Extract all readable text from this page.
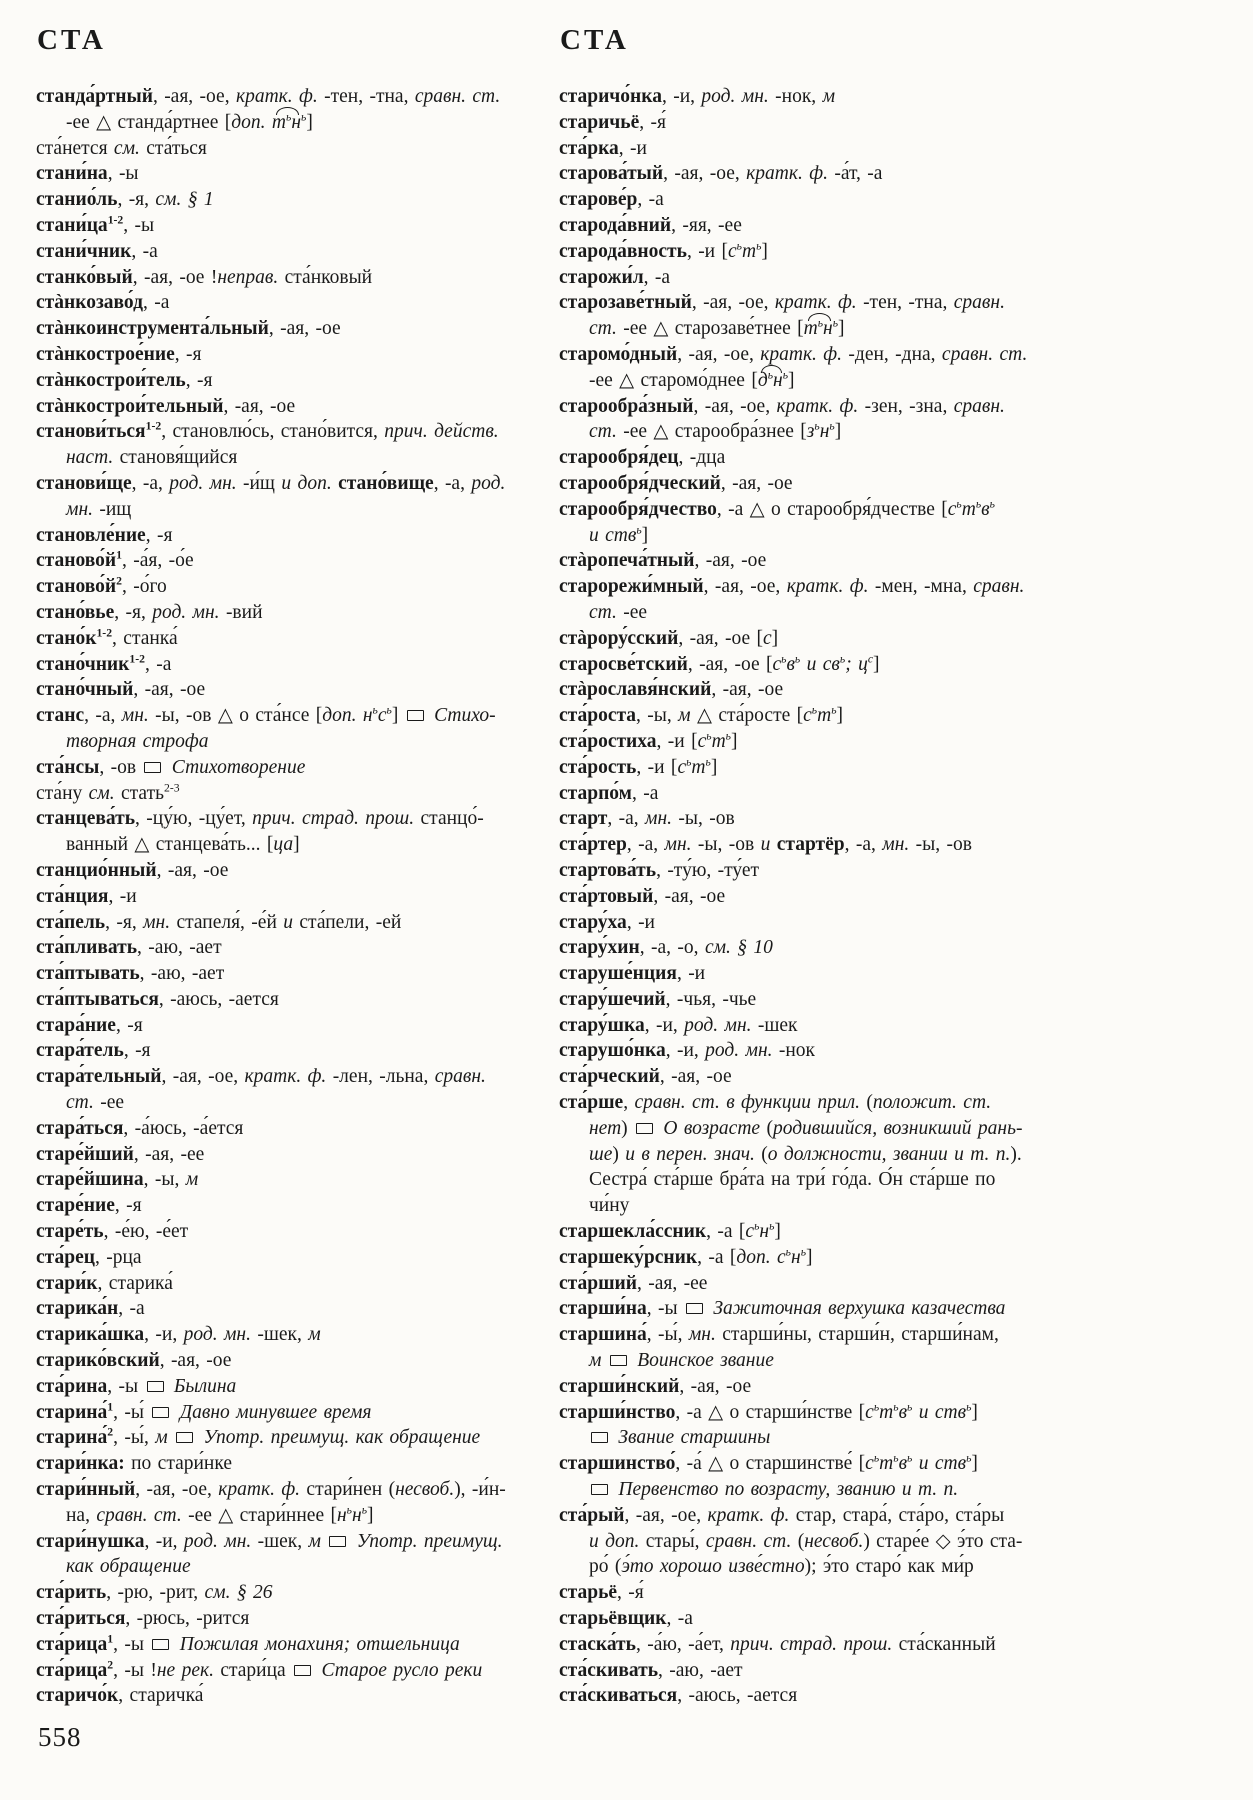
СТА	СТА
станда́ртный, -ая, -ое, кратк. ф. -тен, -тна, сравн. ст.
-ее △ станда́ртнее [доп. $т^ьн^ь$]
ста́нется см. ста́ться
стани́на, -ы
станио́ль, -я, см. § 1
$стани́ца^{1-2}$, -ы
стани́чник, -а
станко́вый, -ая, -ое !неправ. ста́нковый
стàнкозаво́д, -а
стàнкоинструмента́льный, -ая, -ое
стàнкострое́ние, -я
стàнкострои́тель, -я
стàнкострои́тельный, -ая, -ое
станови́ться$^{1-2}$, становлю́сь, стано́вится, прич. действ.
наст. становя́щийся
станови́ще, -а, род. мн. -и́щ и доп. стано́вище, -а, род.
мн. -ищ
становле́ние, -я
$станово́й^1$, -а́я, -о́е
$станово́й^2$, -о́го
стано́вье, -я, род. мн. -вий
$стано́к^{1-2}$, станка́
стано́чник$^{1-2}$, -а
стано́чный, -ая, -ое
станс, -а, мн. -ы, -ов △ о ста́нсе [доп. $н^ьс^ь$]  Стихо-
творная строфа
ста́нсы, -ов  Стихотворение
ста́ну см. стать$^{2-3}$
станцева́ть, -цу́ю, -цу́ет, прич. страд. прош. станцо́-
ванный △ станцева́ть... [ца]
станцио́нный, -ая, -ое
ста́нция, -и
ста́пель, -я, мн. стапеля́, -е́й и ста́пели, -ей
ста́пливать, -аю, -ает
ста́птывать, -аю, -ает
ста́птываться, -аюсь, -ается
стара́ние, -я
стара́тель, -я
стара́тельный, -ая, -ое, кратк. ф. -лен, -льна, сравн.
ст. -ее
стара́ться, -а́юсь, -а́ется
старе́йший, -ая, -ее
старе́йшина, -ы, м
старе́ние, -я
старе́ть, -е́ю, -е́ет
ста́рец, -рца
стари́к, старика́
старика́н, -а
старика́шка, -и, род. мн. -шек, м
старико́вский, -ая, -ое
ста́рина, -ы  Былина
старина́$^1$, -ы́  Давно минувшее время
старина́$^2$, -ы́, м Употр. преимущ. как обращение
стари́нка: по стари́нке
стари́нный, -ая, -ое, кратк. ф. стари́нен (несвоб.), -и́н-
на, сравн. ст. -ее △ стари́ннее $[н^ьн^ь]$
стари́нушка, -и, род. мн. -шек, м Употр. преимущ.
как обращение
ста́рить, -рю, -рит, см. § 26
ста́риться, -рюсь, -рится
ста́рица$^1$, -ы  Пожилая монахиня; отшельница
ста́рица$^2$, -ы !не рек. стари́ца  Старое русло реки
старичо́к, старичка́
старичо́нка, -и, род. мн. -нок, м
старичьё, -я́
ста́рка, -и
старова́тый, -ая, -ое, кратк. ф. -а́т, -а
старове́р, -а
старода́вний, -яя, -ее
старода́вность, -и $[с^ьт^ь]$
старожи́л, -а
старозаве́тный, -ая, -ое, кратк. ф. -тен, -тна, сравн.
ст. -ее △ старозаве́тнее $[т^ьн^ь]$
старомо́дный, -ая, -ое, кратк. ф. -ден, -дна, сравн. ст.
-ее △ старомо́днее $[д^ьн^ь]$
старообра́зный, -ая, -ое, кратк. ф. -зен, -зна, сравн.
ст. -ее △ старообра́знее $[з^ьн^ь]$
старообря́дец, -дца
старообря́дческий, -ая, -ое
старообря́дчество, -а △ о старообря́дчестве [$с^ьт^ьв^ь$
и ств$^ь$]
стàропеча́тный, -ая, -ое
старорежи́мный, -ая, -ое, кратк. ф. -мен, -мна, сравн.
ст. -ее
стàрору́сский, -ая, -ое [с]
старосве́тский, -ая, -ое [$с^ьв^ь$ и $св^ь$; $ц^с$]
стàрославя́нский, -ая, -ое
ста́роста, -ы, м △ ста́росте $[с^ьт^ь]$
ста́ростиха, -и $[с^ьт^ь]$
ста́рость, -и $[с^ьт^ь]$
старпо́м, -а
старт, -а, мн. -ы, -ов
ста́ртер, -а, мн. -ы, -ов и стартёр, -а, мн. -ы, -ов
стартова́ть, -ту́ю, -ту́ет
ста́ртовый, -ая, -ое
стару́ха, -и
стару́хин, -а, -о, см. § 10
старуше́нция, -и
стару́шечий, -чья, -чье
стару́шка, -и, род. мн. -шек
старушо́нка, -и, род. мн. -нок
ста́рческий, -ая, -ое
ста́рше, сравн. ст. в функции прил. (положит. ст.
нет)  О возрасте (родившийся, возникший рань-
ше) и в перен. знач. (о должности, звании и т. п.).
Сестра́ ста́рше бра́та на три́ го́да. О́н ста́рше по
чи́ну
старшекла́ссник, -а $[с^ьн^ь]$
старшеку́рсник, -а [доп. $с^ьн^ь$]
ста́рший, -ая, -ее
старши́на, -ы  Зажиточная верхушка казачества
старшина́, -ы́, мн. старши́ны, старши́н, старши́нам,
м Воинское звание
старши́нский, -ая, -ое
старши́нство, -а △ о старши́нстве [$с^ьт^ьв^ь$ и ств$^ь$]
Звание старшины
старшинство́, -а́ △ о старшинстве́ [$с^ьт^ьв^ь$ и ств$^ь$]
Первенство по возрасту, званию и т. п.
ста́рый, -ая, -ое, кратк. ф. стар, стара́, ста́ро, ста́ры
и доп. стары́, сравн. ст. (несвоб.) старе́е ◇ э́то ста-
ро́ (э́то хорошо изве́стно); э́то старо́ как ми́р
старьё, -я́
старьёвщик, -а
стаска́ть, -а́ю, -а́ет, прич. страд. прош. ста́сканный
ста́скивать, -аю, -ает
ста́скиваться, -аюсь, -ается
558
